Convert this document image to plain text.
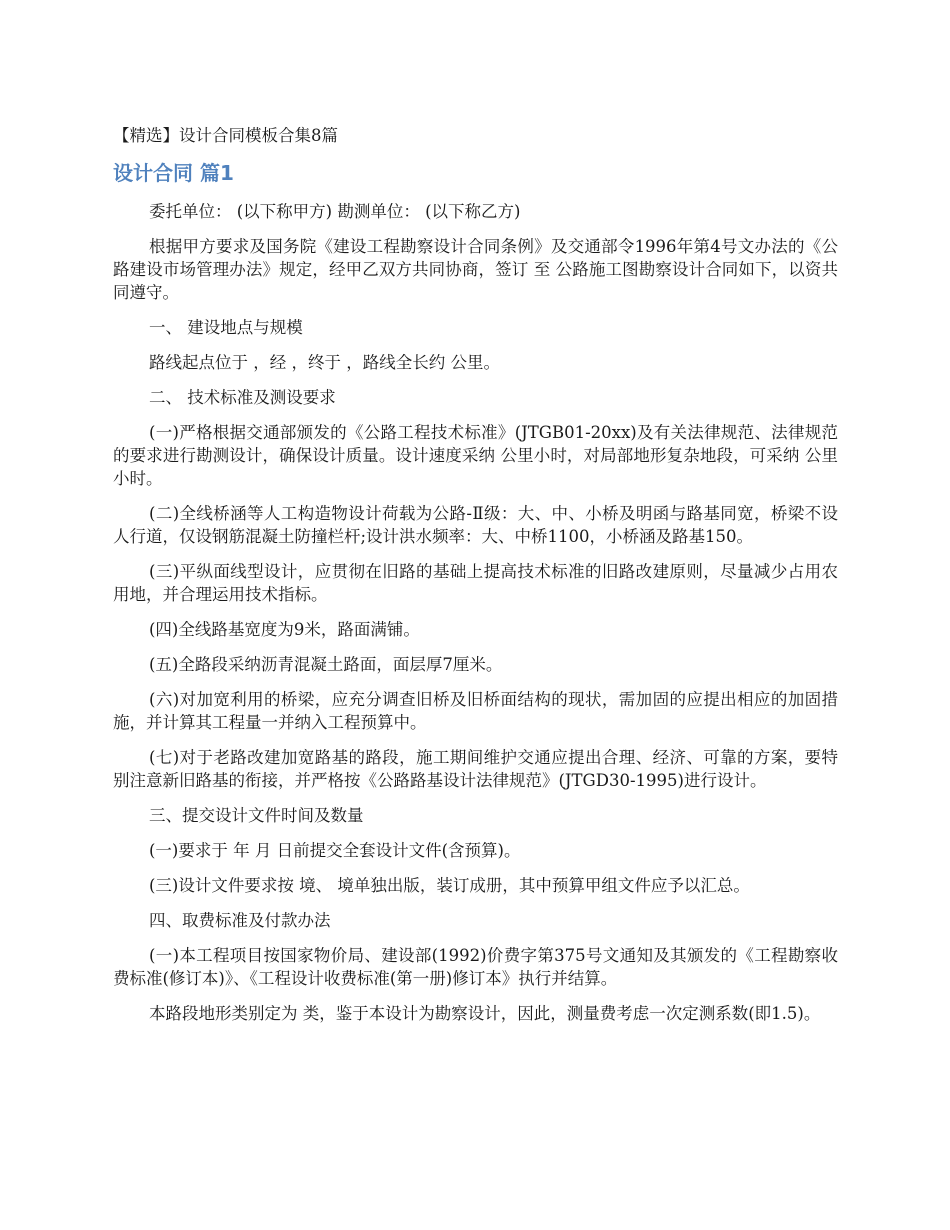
【精选】设计合同模板合集8篇

设计合同 篇1

委托单位： (以下称甲方) 勘测单位： (以下称乙方)

根据甲方要求及国务院《建设工程勘察设计合同条例》及交通部令1996年第4号文办法的《公路建设市场管理办法》规定，经甲乙双方共同协商，签订 至 公路施工图勘察设计合同如下，以资共同遵守。

一、 建设地点与规模

路线起点位于 ，经 ，终于 ，路线全长约 公里。

二、 技术标准及测设要求

(一)严格根据交通部颁发的《公路工程技术标准》(JTGB01-20xx)及有关法律规范、法律规范的要求进行勘测设计，确保设计质量。设计速度采纳 公里小时，对局部地形复杂地段，可采纳 公里小时。

(二)全线桥涵等人工构造物设计荷载为公路-Ⅱ级：大、中、小桥及明函与路基同宽，桥梁不设人行道，仅设钢筋混凝土防撞栏杆;设计洪水频率：大、中桥1100，小桥涵及路基150。

(三)平纵面线型设计，应贯彻在旧路的基础上提高技术标准的旧路改建原则，尽量减少占用农用地，并合理运用技术指标。

(四)全线路基宽度为9米，路面满铺。

(五)全路段采纳沥青混凝土路面，面层厚7厘米。

(六)对加宽利用的桥梁，应充分调查旧桥及旧桥面结构的现状，需加固的应提出相应的加固措施，并计算其工程量一并纳入工程预算中。

(七)对于老路改建加宽路基的路段，施工期间维护交通应提出合理、经济、可靠的方案，要特别注意新旧路基的衔接，并严格按《公路路基设计法律规范》(JTGD30-1995)进行设计。

三、提交设计文件时间及数量

(一)要求于 年 月 日前提交全套设计文件(含预算)。

(三)设计文件要求按 境、 境单独出版，装订成册，其中预算甲组文件应予以汇总。

四、取费标准及付款办法

(一)本工程项目按国家物价局、建设部(1992)价费字第375号文通知及其颁发的《工程勘察收费标准(修订本)》、《工程设计收费标准(第一册)修订本》执行并结算。

本路段地形类别定为 类，鉴于本设计为勘察设计，因此，测量费考虑一次定测系数(即1.5)。
